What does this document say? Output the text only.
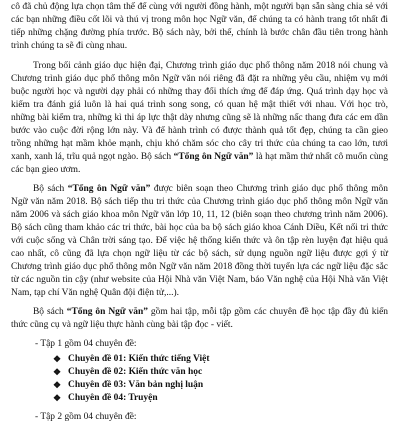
cô đã chủ động lựa chọn tâm thế để cùng với người đồng hành, một người bạn sẵn sàng chia sẻ với các bạn những điều cốt lõi và thú vị trong môn học Ngữ văn, để chúng ta có hành trang tốt nhất đi tiếp những chặng đường phía trước. Bộ sách này, bởi thế, chính là bước chân đầu tiên trong hành trình chúng ta sẽ đi cùng nhau.

Trong bối cảnh giáo dục hiện đại, Chương trình giáo dục phổ thông năm 2018 nói chung và Chương trình giáo dục phổ thông môn Ngữ văn nói riêng đã đặt ra những yêu cầu, nhiệm vụ mới buộc người học và người dạy phải có những thay đổi thích ứng để đáp ứng. Quá trình dạy học và kiểm tra đánh giá luôn là hai quá trình song song, có quan hệ mật thiết với nhau. Với học trò, những bài kiểm tra, những kì thi áp lực thật dày nhưng cũng sẽ là những nấc thang đưa các em dần bước vào cuộc đời rộng lớn này. Và để hành trình có được thành quả tốt đẹp, chúng ta cần gieo trồng những hạt mầm khỏe mạnh, chịu khó chăm sóc cho cây tri thức của chúng ta cao lớn, tươi xanh, xanh lá, trĩu quả ngọt ngào. Bộ sách “Tổng ôn Ngữ văn” là hạt mầm thứ nhất cô muốn cùng các bạn gieo ươm.

Bộ sách “Tổng ôn Ngữ văn” được biên soạn theo Chương trình giáo dục phổ thông môn Ngữ văn năm 2018. Bộ sách tiếp thu tri thức của Chương trình giáo dục phổ thông môn Ngữ văn năm 2006 và sách giáo khoa môn Ngữ văn lớp 10, 11, 12 (biên soạn theo chương trình năm 2006). Bộ sách cũng tham khảo các tri thức, bài học của ba bộ sách giáo khoa Cánh Diều, Kết nối tri thức với cuộc sống và Chân trời sáng tạo. Để việc hệ thống kiến thức và ôn tập rèn luyện đạt hiệu quả cao nhất, cô cũng đã lựa chọn ngữ liệu từ các bộ sách, sử dụng nguồn ngữ liệu được gợi ý từ Chương trình giáo dục phổ thông môn Ngữ văn năm 2018 đồng thời tuyển lựa các ngữ liệu đặc sắc từ các nguồn tin cậy (như website của Hội Nhà văn Việt Nam, báo Văn nghệ của Hội Nhà văn Việt Nam, tạp chí Văn nghệ Quân đội điện tử,...).

Bộ sách “Tổng ôn Ngữ văn” gồm hai tập, mỗi tập gồm các chuyên đề học tập đầy đủ kiến thức cũng cụ và ngữ liệu thực hành cùng bài tập đọc - viết.

- Tập 1 gồm 04 chuyên đề:
❖ Chuyên đề 01: Kiến thức tiếng Việt
❖ Chuyên đề 02: Kiến thức văn học
❖ Chuyên đề 03: Văn bản nghị luận
❖ Chuyên đề 04: Truyện
- Tập 2 gồm 04 chuyên đề:
